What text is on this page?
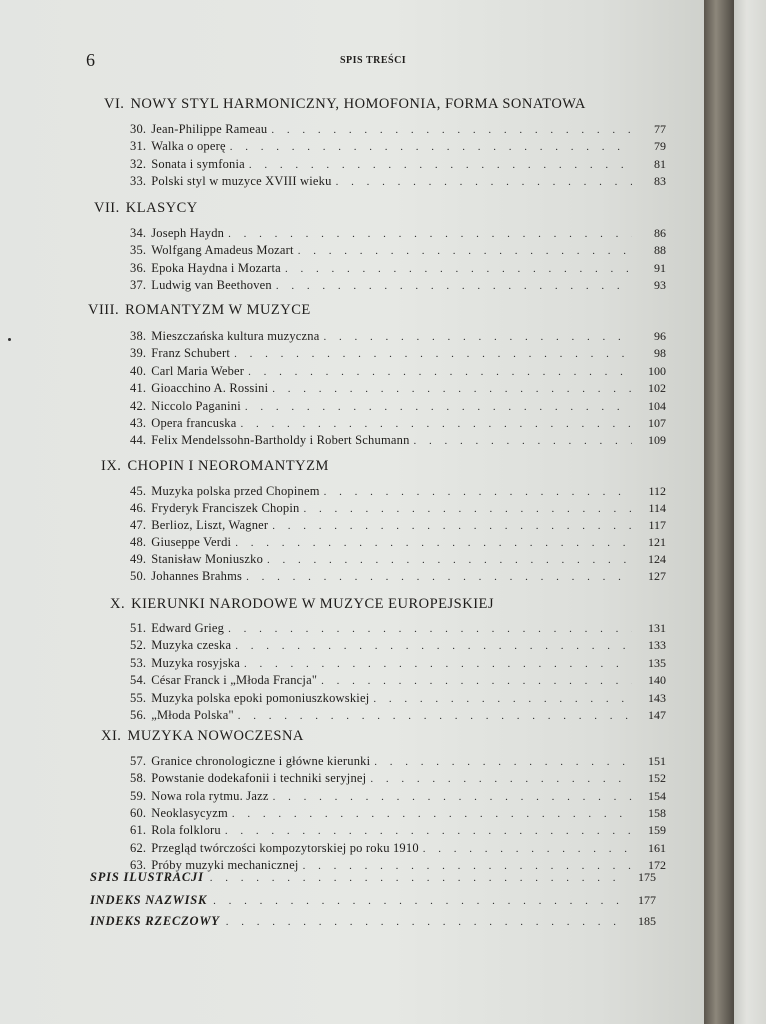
6	SPIS TREŚCI
VI. NOWY STYL HARMONICZNY, HOMOFONIA, FORMA SONATOWA
30. Jean-Philippe Rameau . . .	77
31. Walka o operę . . .	79
32. Sonata i symfonia . . .	81
33. Polski styl w muzyce XVIII wieku . . .	83
VII. KLASYCY
34. Joseph Haydn . . .	86
35. Wolfgang Amadeus Mozart . . .	88
36. Epoka Haydna i Mozarta . . .	91
37. Ludwig van Beethoven . . .	93
VIII. ROMANTYZM W MUZYCE
38. Mieszczańska kultura muzyczna . . .	96
39. Franz Schubert . . .	98
40. Carl Maria Weber . . .	100
41. Gioacchino A. Rossini . . .	102
42. Niccolo Paganini . . .	104
43. Opera francuska . . .	107
44. Felix Mendelssohn-Bartholdy i Robert Schumann . . .	109
IX. CHOPIN I NEOROMANTYZM
45. Muzyka polska przed Chopinem . . .	112
46. Fryderyk Franciszek Chopin . . .	114
47. Berlioz, Liszt, Wagner . . .	117
48. Giuseppe Verdi . . .	121
49. Stanisław Moniuszko . . .	124
50. Johannes Brahms . . .	127
X. KIERUNKI NARODOWE W MUZYCE EUROPEJSKIEJ
51. Edward Grieg . . .	131
52. Muzyka czeska . . .	133
53. Muzyka rosyjska . . .	135
54. César Franck i „Młoda Francja" . . .	140
55. Muzyka polska epoki pomoniuszkowskiej . . .	143
56. „Młoda Polska" . . .	147
XI. MUZYKA NOWOCZESNA
57. Granice chronologiczne i główne kierunki . . .	151
58. Powstanie dodekafonii i techniki seryjnej . . .	152
59. Nowa rola rytmu. Jazz . . .	154
60. Neoklasycyzm . . .	158
61. Rola folkloru . . .	159
62. Przegląd twórczości kompozytorskiej po roku 1910 . . .	161
63. Próby muzyki mechanicznej . . .	172
SPIS ILUSTRACJI . . .	175
INDEKS NAZWISK . . .	177
INDEKS RZECZOWY . . .	185
